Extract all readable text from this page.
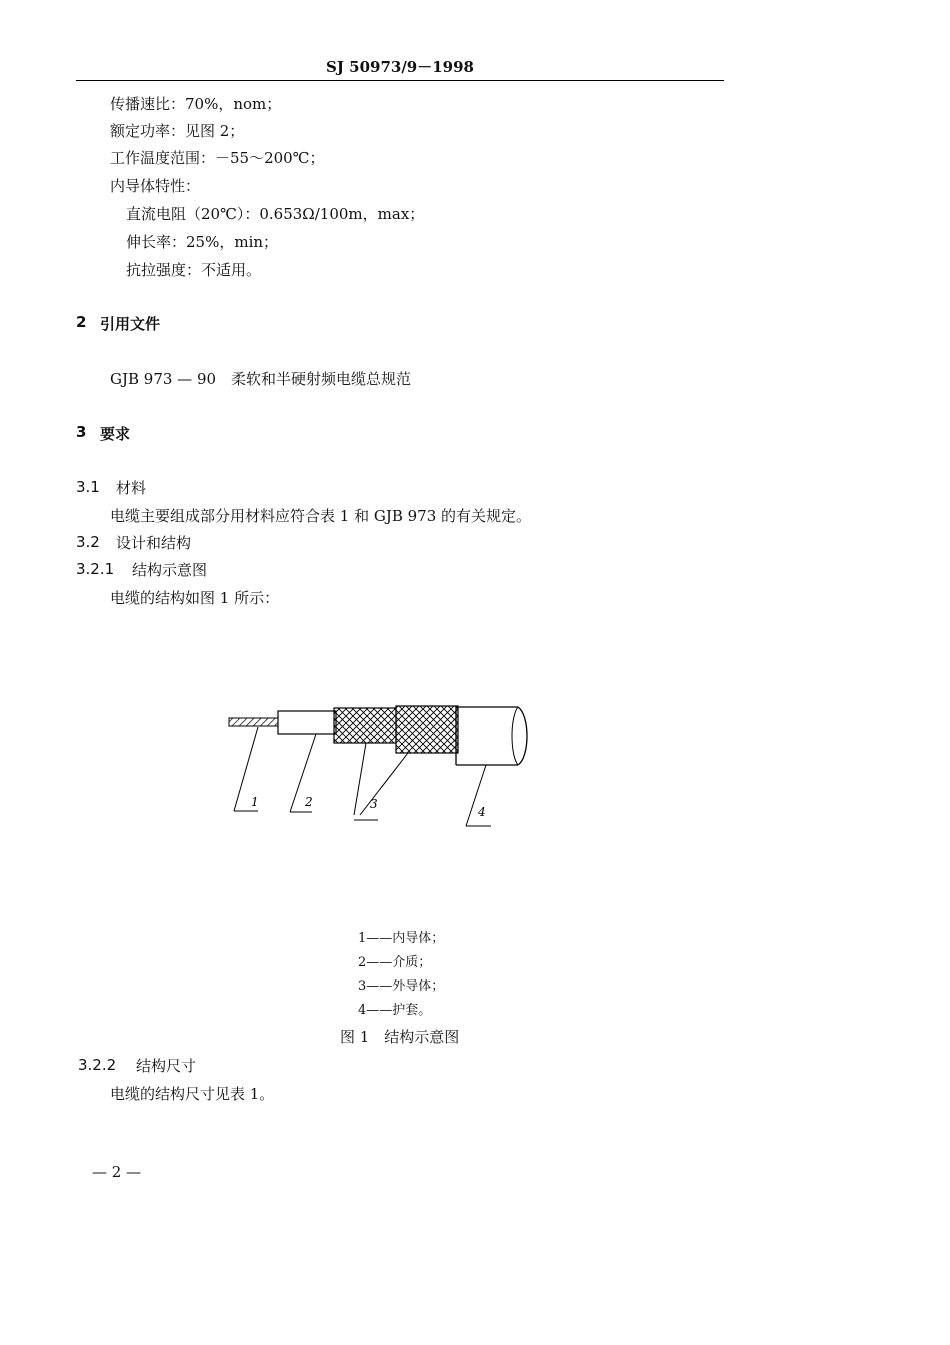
SJ 50973/9－1998
传播速比：70%，nom；
额定功率：见图 2；
工作温度范围：－55～200℃；
内导体特性：
直流电阻（20℃）：0.653Ω/100m，max；
伸长率：25%，min；
抗拉强度：不适用。
2 引用文件
GJB 973 — 90　柔软和半硬射频电缆总规范
3 要求
3.1 材料
电缆主要组成部分用材料应符合表 1 和 GJB 973 的有关规定。
3.2 设计和结构
3.2.1 结构示意图
电缆的结构如图 1 所示：
1	2	3
4
1——内导体；
2——介质；
3——外导体；
4——护套。
图 1　结构示意图
3.2.2 结构尺寸
电缆的结构尺寸见表 1。
— 2 —
